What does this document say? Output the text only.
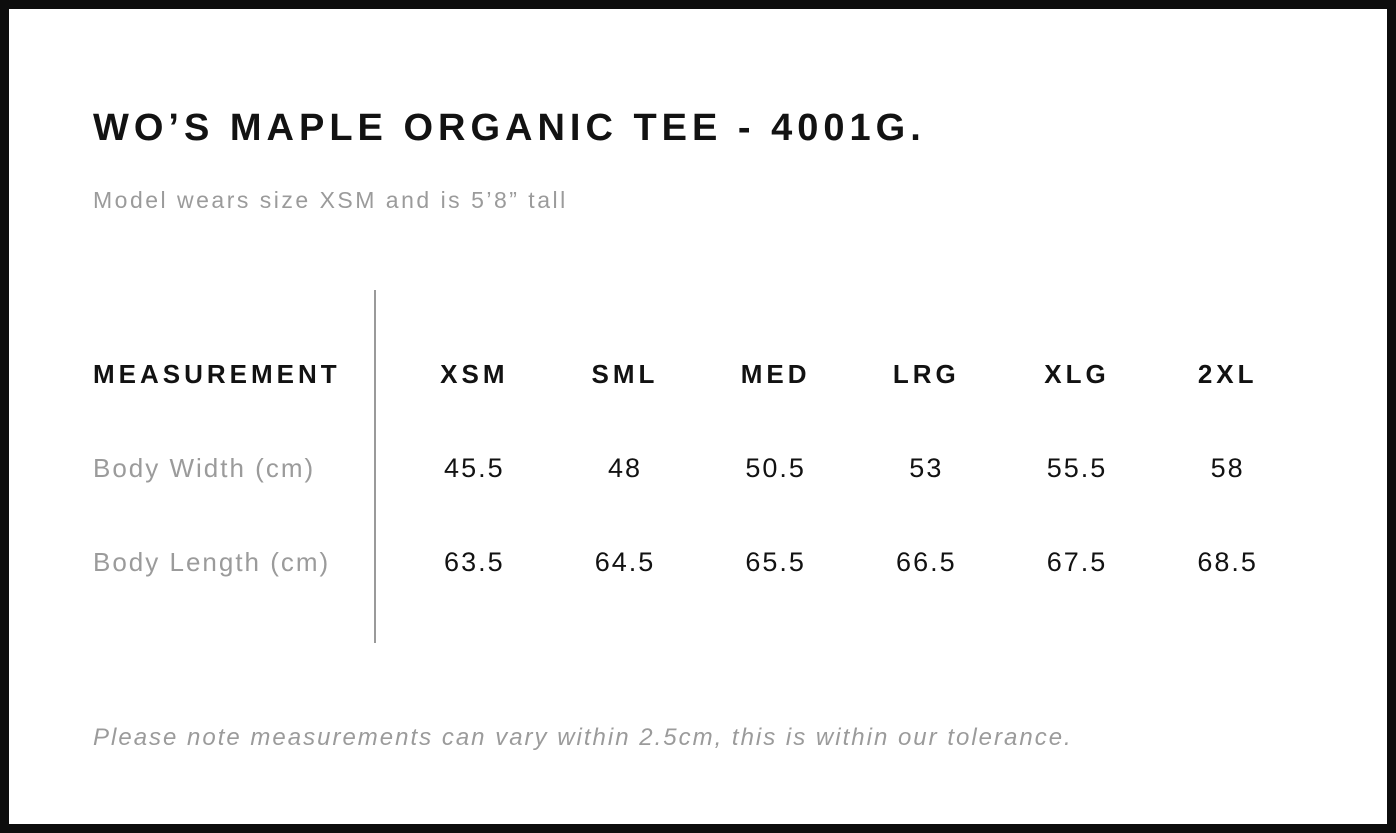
WO’S MAPLE ORGANIC TEE - 4001G.

Model wears size XSM and is 5’8” tall

MEASUREMENT	XSM	SML	MED	LRG	XLG	2XL
Body Width (cm)	45.5	48	50.5	53	55.5	58
Body Length (cm)	63.5	64.5	65.5	66.5	67.5	68.5

Please note measurements can vary within 2.5cm, this is within our tolerance.
